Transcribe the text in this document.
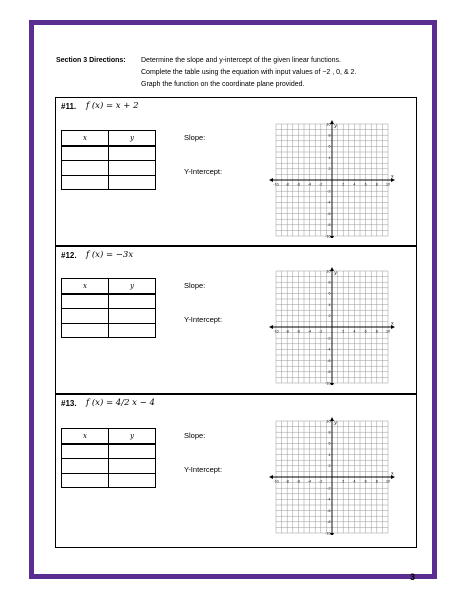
Section 3 Directions: Determine the slope and y-intercept of the given linear functions.
Complete the table using the equation with input values of −2 , 0, & 2.
Graph the function on the coordinate plane provided.
#11. f (x) = x + 2
x	y

		Slope:
Y-Intercept:
-10 -8 -6 -4 -2	2	4	6	8 10
10
8
6
4
2
-2
-4
-6
-8
-10
x
y
#12. f (x) = −3x
x	y

		Slope:
Y-Intercept:
-10 -8 -6 -4 -2	2	4	6	8 10
10
8
6
4
2
-2
-4
-6
-8
-10
x
y
#13. f (x) = 4/2 x − 4
x	y

		Slope:
Y-Intercept:
-10 -8 -6 -4 -2	2	4	6	8 10
10
8
6
4
2
-2
-4
-6
-8
-10
x
y
3
